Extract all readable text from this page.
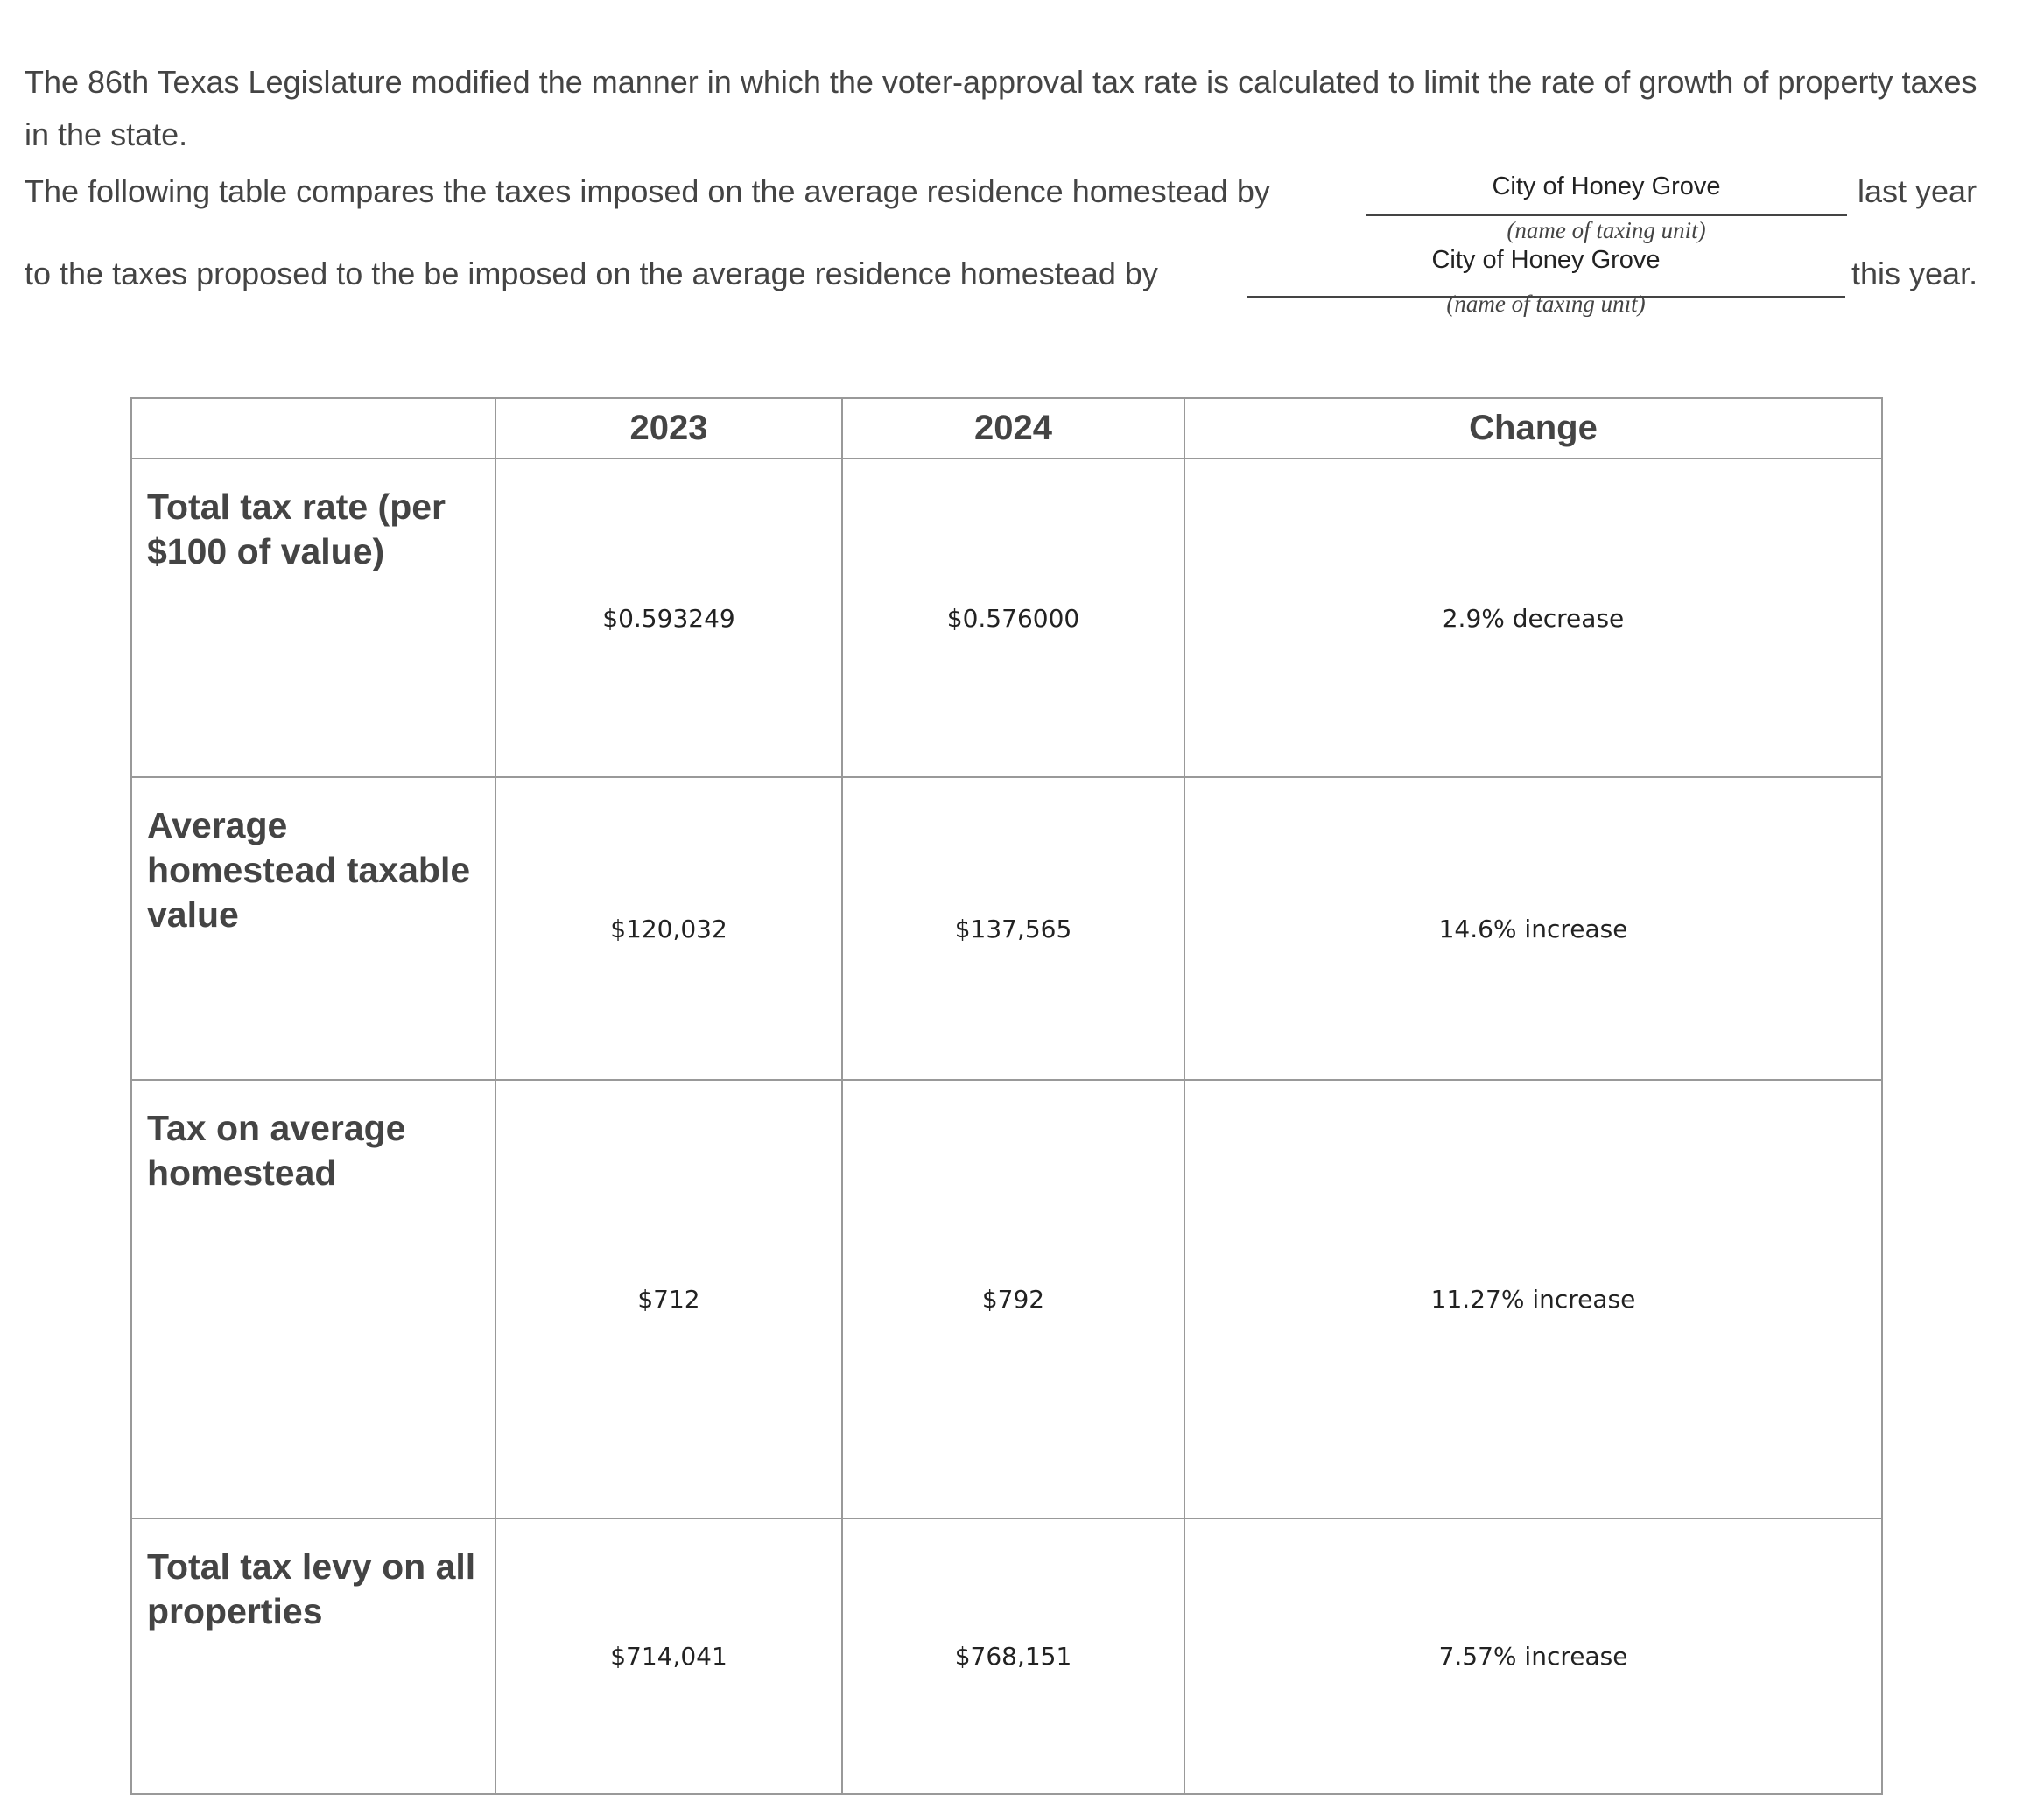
The 86th Texas Legislature modified the manner in which the voter-approval tax rate is calculated to limit the rate of growth of property taxes in the state.

The following table compares the taxes imposed on the average residence homestead by	City of Honey Grove
(name of taxing unit)
last year
to the taxes proposed to the be imposed on the average residence homestead by	City of Honey Grove
(name of taxing unit)
this year.
	2023	2024	Change
Total tax rate (per $100 of value)	$0.593249	$0.576000	2.9% decrease
Average homestead taxable value	$120,032	$137,565	14.6% increase
Tax on average homestead	$712	$792	11.27% increase
Total tax levy on all properties	$714,041	$768,151	7.57% increase
